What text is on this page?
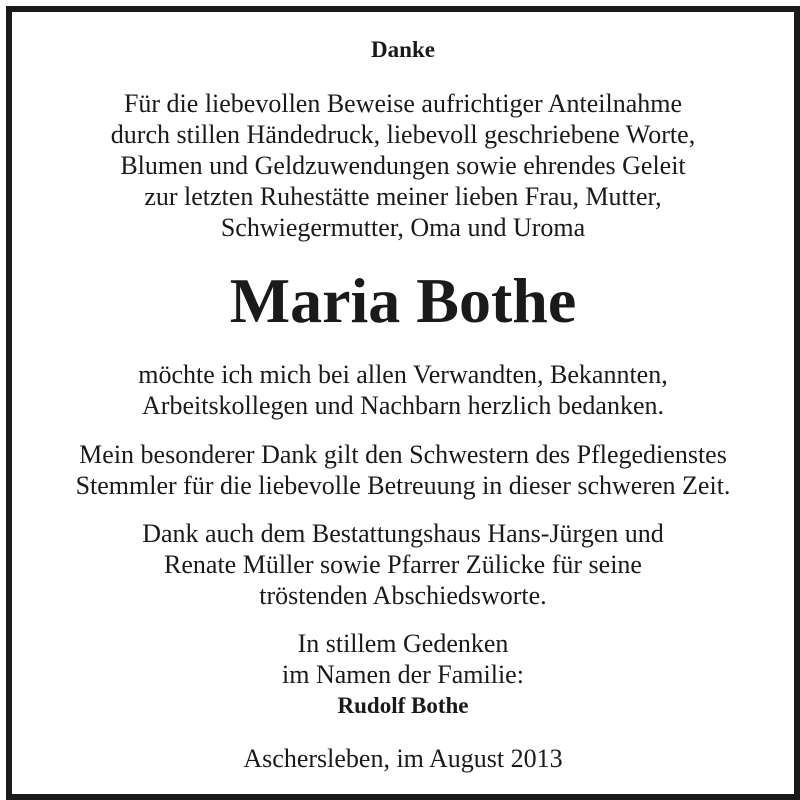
Danke
Für die liebevollen Beweise aufrichtiger Anteilnahme
durch stillen Händedruck, liebevoll geschriebene Worte,
Blumen und Geldzuwendungen sowie ehrendes Geleit
zur letzten Ruhestätte meiner lieben Frau, Mutter,
Schwiegermutter, Oma und Uroma
Maria Bothe
möchte ich mich bei allen Verwandten, Bekannten,
Arbeitskollegen und Nachbarn herzlich bedanken.
Mein besonderer Dank gilt den Schwestern des Pflegedienstes
Stemmler für die liebevolle Betreuung in dieser schweren Zeit.
Dank auch dem Bestattungshaus Hans-Jürgen und
Renate Müller sowie Pfarrer Zülicke für seine
tröstenden Abschiedsworte.
In stillem Gedenken
im Namen der Familie:
Rudolf Bothe
Aschersleben, im August 2013
